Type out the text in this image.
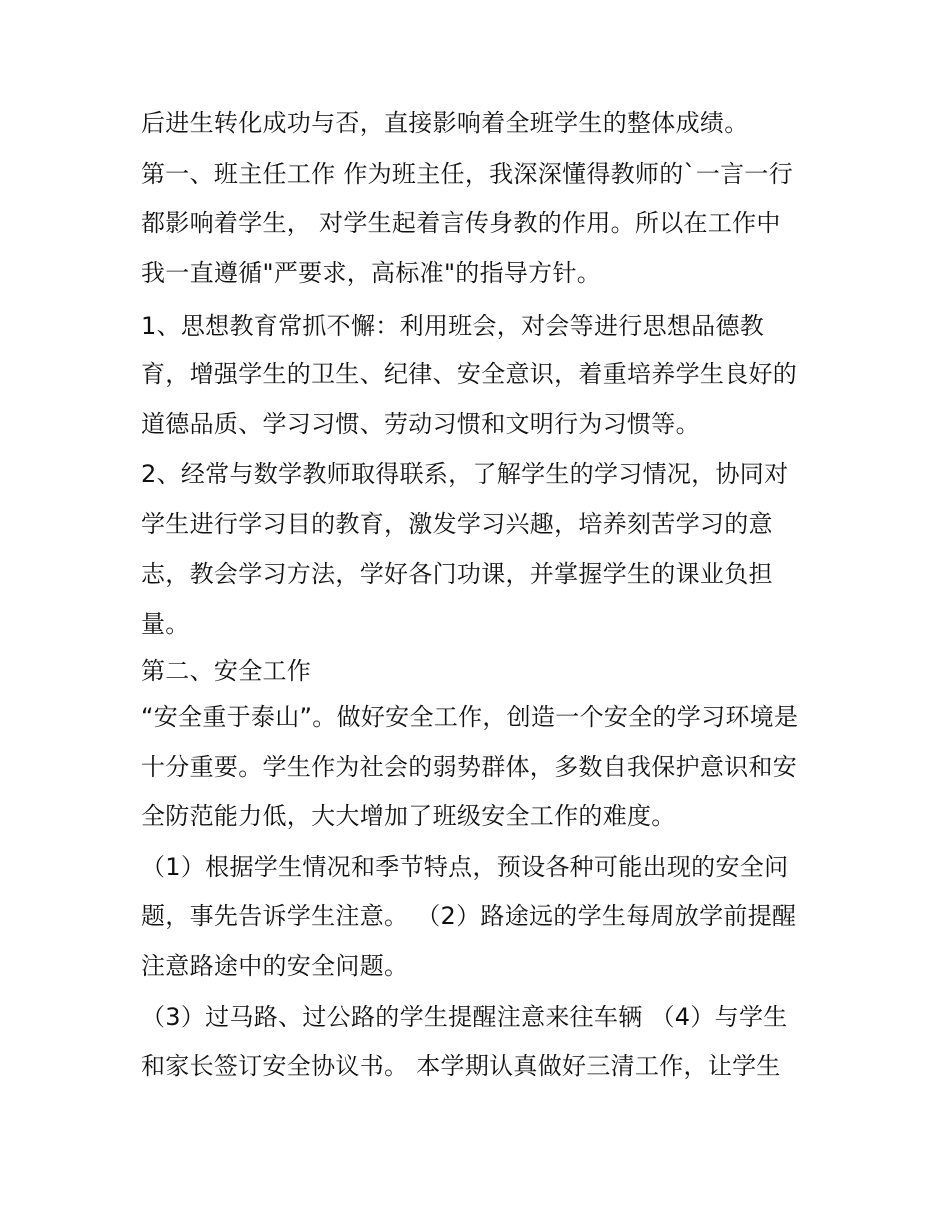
后进生转化成功与否，直接影响着全班学生的整体成绩。
第一、班主任工作 作为班主任，我深深懂得教师的`一言一行
都影响着学生， 对学生起着言传身教的作用。所以在工作中
我一直遵循"严要求，高标准"的指导方针。
1、思想教育常抓不懈：利用班会，对会等进行思想品德教
育，增强学生的卫生、纪律、安全意识，着重培养学生良好的
道德品质、学习习惯、劳动习惯和文明行为习惯等。
2、经常与数学教师取得联系，了解学生的学习情况，协同对
学生进行学习目的教育，激发学习兴趣，培养刻苦学习的意
志，教会学习方法，学好各门功课，并掌握学生的课业负担
量。
第二、安全工作
“安全重于泰山”。做好安全工作，创造一个安全的学习环境是
十分重要。学生作为社会的弱势群体，多数自我保护意识和安
全防范能力低，大大增加了班级安全工作的难度。
（1）根据学生情况和季节特点，预设各种可能出现的安全问
题，事先告诉学生注意。 （2）路途远的学生每周放学前提醒
注意路途中的安全问题。
（3）过马路、过公路的学生提醒注意来往车辆 （4）与学生
和家长签订安全协议书。 本学期认真做好三清工作，让学生
